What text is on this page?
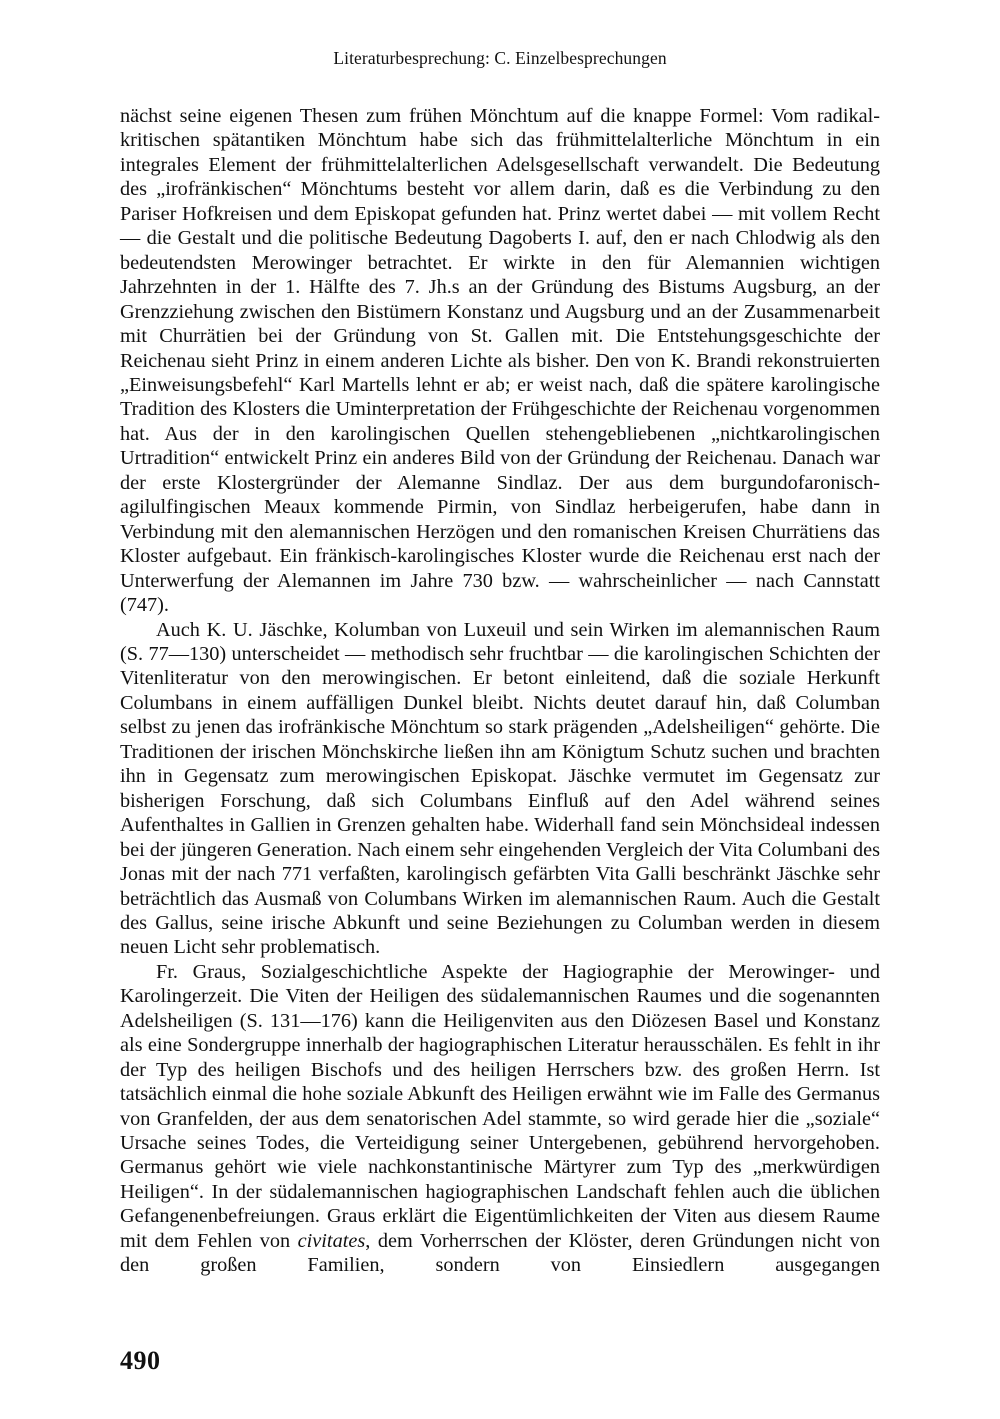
Literaturbesprechung: C. Einzelbesprechungen

nächst seine eigenen Thesen zum frühen Mönchtum auf die knappe Formel: Vom radikal-kritischen spätantiken Mönchtum habe sich das frühmittelalterliche Mönchtum in ein integrales Element der frühmittelalterlichen Adelsgesellschaft verwandelt. Die Bedeutung des „irofränkischen“ Mönchtums besteht vor allem darin, daß es die Verbindung zu den Pariser Hofkreisen und dem Episkopat gefunden hat. Prinz wertet dabei — mit vollem Recht — die Gestalt und die politische Bedeutung Dagoberts I. auf, den er nach Chlodwig als den bedeutendsten Merowinger betrachtet. Er wirkte in den für Alemannien wichtigen Jahrzehnten in der 1. Hälfte des 7. Jh.s an der Gründung des Bistums Augsburg, an der Grenzziehung zwischen den Bistümern Konstanz und Augsburg und an der Zusammenarbeit mit Churrätien bei der Gründung von St. Gallen mit. Die Entstehungsgeschichte der Reichenau sieht Prinz in einem anderen Lichte als bisher. Den von K. Brandi rekonstruierten „Einweisungsbefehl“ Karl Martells lehnt er ab; er weist nach, daß die spätere karolingische Tradition des Klosters die Uminterpretation der Frühgeschichte der Reichenau vorgenommen hat. Aus der in den karolingischen Quellen stehengebliebenen „nichtkarolingischen Urtradition“ entwickelt Prinz ein anderes Bild von der Gründung der Reichenau. Danach war der erste Klostergründer der Alemanne Sindlaz. Der aus dem burgundofaronisch-agilulfingischen Meaux kommende Pirmin, von Sindlaz herbeigerufen, habe dann in Verbindung mit den alemannischen Herzögen und den romanischen Kreisen Churrätiens das Kloster aufgebaut. Ein fränkisch-karolingisches Kloster wurde die Reichenau erst nach der Unterwerfung der Alemannen im Jahre 730 bzw. — wahrscheinlicher — nach Cannstatt (747).

Auch K. U. Jäschke, Kolumban von Luxeuil und sein Wirken im alemannischen Raum (S. 77—130) unterscheidet — methodisch sehr fruchtbar — die karolingischen Schichten der Vitenliteratur von den merowingischen. Er betont einleitend, daß die soziale Herkunft Columbans in einem auffälligen Dunkel bleibt. Nichts deutet darauf hin, daß Columban selbst zu jenen das irofränkische Mönchtum so stark prägenden „Adelsheiligen“ gehörte. Die Traditionen der irischen Mönchskirche ließen ihn am Königtum Schutz suchen und brachten ihn in Gegensatz zum merowingischen Episkopat. Jäschke vermutet im Gegensatz zur bisherigen Forschung, daß sich Columbans Einfluß auf den Adel während seines Aufenthaltes in Gallien in Grenzen gehalten habe. Widerhall fand sein Mönchsideal indessen bei der jüngeren Generation. Nach einem sehr eingehenden Vergleich der Vita Columbani des Jonas mit der nach 771 verfaßten, karolingisch gefärbten Vita Galli beschränkt Jäschke sehr beträchtlich das Ausmaß von Columbans Wirken im alemannischen Raum. Auch die Gestalt des Gallus, seine irische Abkunft und seine Beziehungen zu Columban werden in diesem neuen Licht sehr problematisch.

Fr. Graus, Sozialgeschichtliche Aspekte der Hagiographie der Merowinger- und Karolingerzeit. Die Viten der Heiligen des südalemannischen Raumes und die sogenannten Adelsheiligen (S. 131—176) kann die Heiligenviten aus den Diözesen Basel und Konstanz als eine Sondergruppe innerhalb der hagiographischen Literatur herausschälen. Es fehlt in ihr der Typ des heiligen Bischofs und des heiligen Herrschers bzw. des großen Herrn. Ist tatsächlich einmal die hohe soziale Abkunft des Heiligen erwähnt wie im Falle des Germanus von Granfelden, der aus dem senatorischen Adel stammte, so wird gerade hier die „soziale“ Ursache seines Todes, die Verteidigung seiner Untergebenen, gebührend hervorgehoben. Germanus gehört wie viele nachkonstantinische Märtyrer zum Typ des „merkwürdigen Heiligen“. In der südalemannischen hagiographischen Landschaft fehlen auch die üblichen Gefangenenbefreiungen. Graus erklärt die Eigentümlichkeiten der Viten aus diesem Raume mit dem Fehlen von civitates, dem Vorherrschen der Klöster, deren Gründungen nicht von den großen Familien, sondern von Einsiedlern ausgegangen

490
